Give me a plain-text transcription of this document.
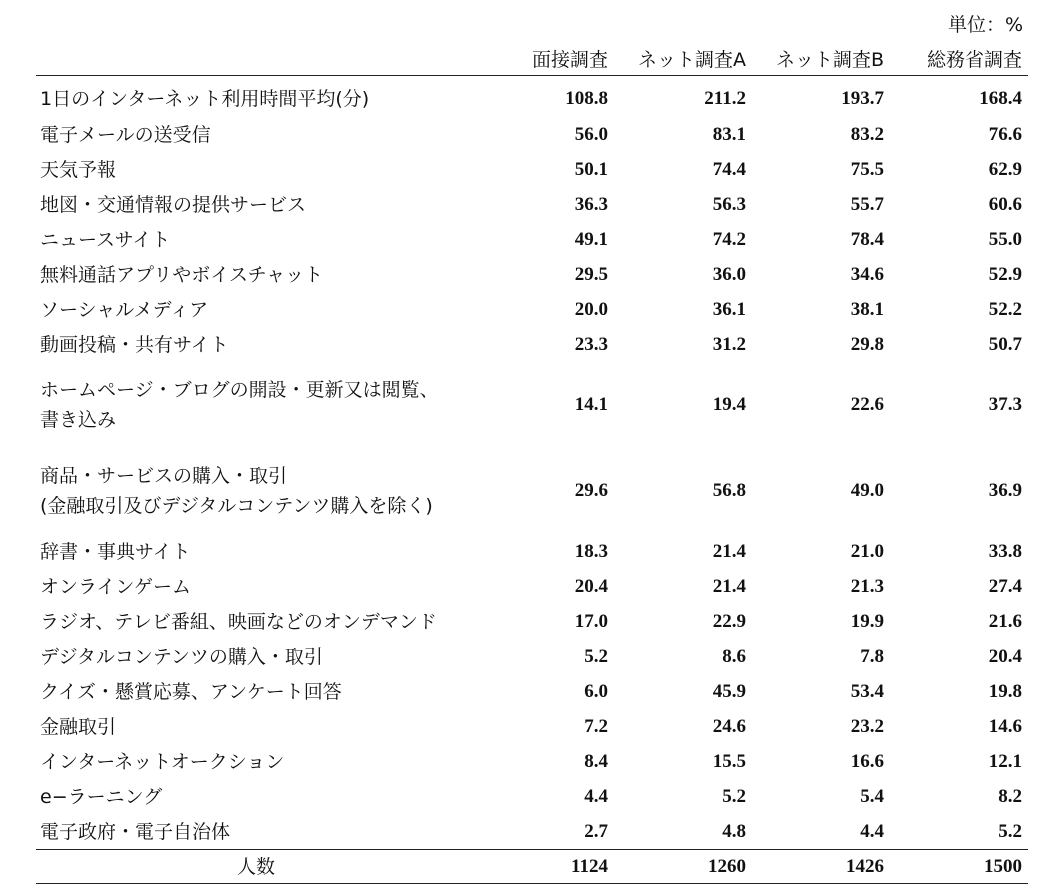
単位：%
	面接調査	ネット調査A	ネット調査B	総務省調査
1日のインターネット利用時間平均(分)	108.8	211.2	193.7	168.4
電子メールの送受信	56.0	83.1	83.2	76.6
天気予報	50.1	74.4	75.5	62.9
地図・交通情報の提供サービス	36.3	56.3	55.7	60.6
ニュースサイト	49.1	74.2	78.4	55.0
無料通話アプリやボイスチャット	29.5	36.0	34.6	52.9
ソーシャルメディア	20.0	36.1	38.1	52.2
動画投稿・共有サイト	23.3	31.2	29.8	50.7
ホームページ・ブログの開設・更新又は閲覧、
書き込み	14.1	19.4	22.6	37.3
商品・サービスの購入・取引
(金融取引及びデジタルコンテンツ購入を除く)	29.6	56.8	49.0	36.9
辞書・事典サイト	18.3	21.4	21.0	33.8
オンラインゲーム	20.4	21.4	21.3	27.4
ラジオ、テレビ番組、映画などのオンデマンド	17.0	22.9	19.9	21.6
デジタルコンテンツの購入・取引	5.2	8.6	7.8	20.4
クイズ・懸賞応募、アンケート回答	6.0	45.9	53.4	19.8
金融取引	7.2	24.6	23.2	14.6
インターネットオークション	8.4	15.5	16.6	12.1
e−ラーニング	4.4	5.2	5.4	8.2
電子政府・電子自治体	2.7	4.8	4.4	5.2
人数	1124	1260	1426	1500
